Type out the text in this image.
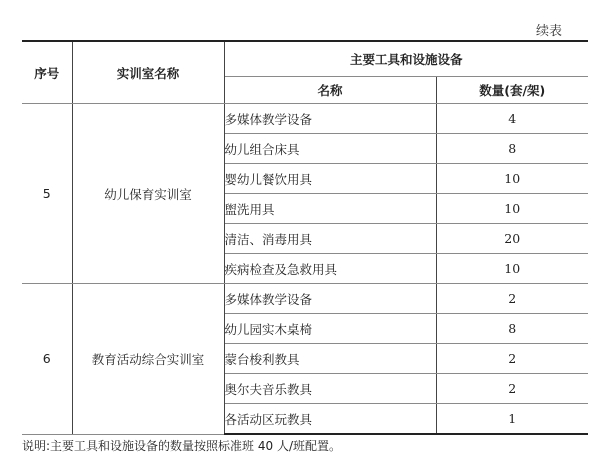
续表
序号	实训室名称	主要工具和设施设备	
		名称	数量(套/架)
5	幼儿保育实训室	多媒体教学设备	4
		幼儿组合床具	8
		婴幼儿餐饮用具	10
		盥洗用具	10
		清洁、消毒用具	20
		疾病检查及急救用具	10
6	教育活动综合实训室	多媒体教学设备	2
		幼儿园实木桌椅	8
		蒙台梭利教具	2
		奥尔夫音乐教具	2
		各活动区玩教具	1
说明:主要工具和设施设备的数量按照标准班 40 人/班配置。
